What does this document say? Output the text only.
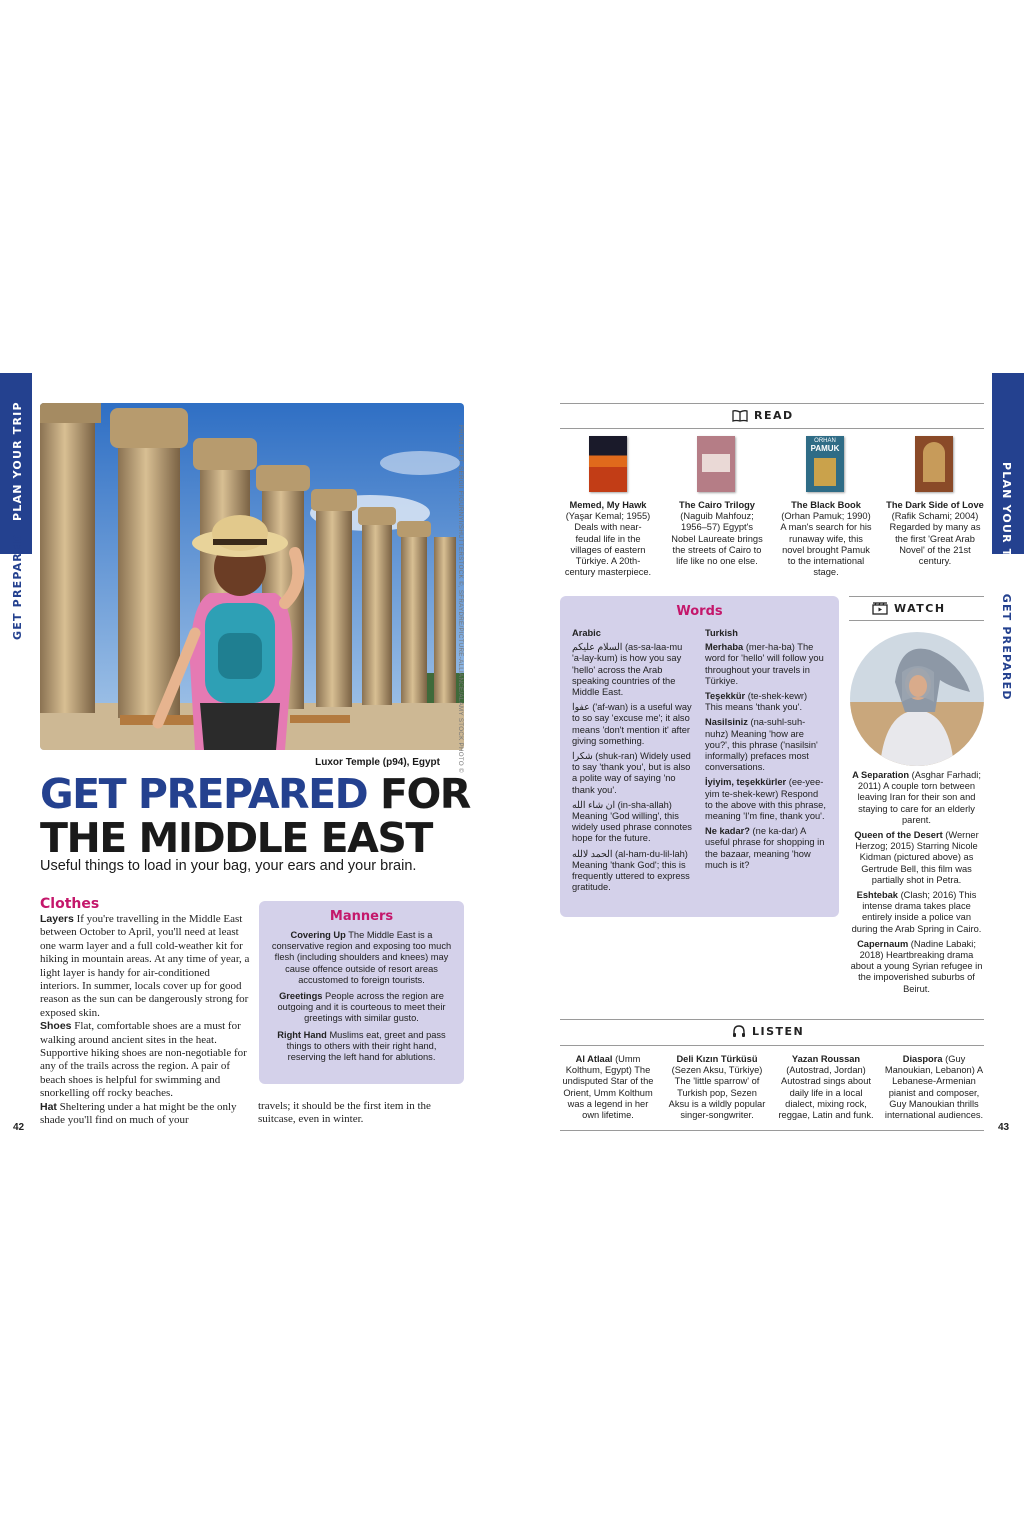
GET PREPAREDPLAN YOUR TRIP
PLAN YOUR TRIPGET PREPARED
FROM LEFT: SERGII FIGURNYI/SHUTTERSTOCK ©, SFRAYDRE/PICTURE-ALLIANCE/ALAMY STOCK PHOTO ©
Luxor Temple (p94), Egypt
GET PREPARED FOR
THE MIDDLE EAST
Useful things to load in your bag, your ears and your brain.
Clothes

Layers If you're travelling in the Middle East between October to April, you'll need at least one warm layer and a full cold-weather kit for hiking in mountain areas. At any time of year, a light layer is handy for air-conditioned interiors. In summer, locals cover up for good reason as the sun can be dangerously strong for exposed skin.

Shoes Flat, comfortable shoes are a must for walking around ancient sites in the heat. Supportive hiking shoes are non-negotiable for any of the trails across the region. A pair of beach shoes is helpful for swimming and snorkelling off rocky beaches.

Hat Sheltering under a hat might be the only shade you'll find on much of your

travels; it should be the first item in the suitcase, even in winter.
Manners

Covering Up The Middle East is a conservative region and exposing too much flesh (including shoulders and knees) may cause offence outside of resort areas accustomed to foreign tourists.

Greetings People across the region are outgoing and it is courteous to meet their greetings with similar gusto.

Right Hand Muslims eat, greet and pass things to others with their right hand, reserving the left hand for ablutions.

42	43
READ
ORHAN
PAMUK
Memed, My Hawk
(Yaşar Kemal; 1955) Deals with near-feudal life in the villages of eastern Türkiye. A 20th-century masterpiece.
The Cairo Trilogy
(Naguib Mahfouz; 1956–57) Egypt's Nobel Laureate brings the streets of Cairo to life like no one else.
The Black Book
(Orhan Pamuk; 1990) A man's search for his runaway wife, this novel brought Pamuk to the international stage.
The Dark Side of Love (Rafik Schami; 2004) Regarded by many as the first 'Great Arab Novel' of the 21st century.
Words

Arabic

السلام عليكم (as-sa-laa-mu 'a-lay-kum) is how you say 'hello' across the Arab speaking countries of the Middle East.

عفوا ('af-wan) is a useful way to so say 'excuse me'; it also means 'don't mention it' after giving something.

شكرا (shuk-ran) Widely used to say 'thank you', but is also a polite way of saying 'no thank you'.

ان شاء الله (in-sha-allah) Meaning 'God willing', this widely used phrase connotes hope for the future.

الحمد لالله (al-ham-du-lil-lah) Meaning 'thank God'; this is frequently uttered to express gratitude.

Turkish

Merhaba (mer-ha-ba) The word for 'hello' will follow you throughout your travels in Türkiye.

Teşekkür (te-shek-kewr) This means 'thank you'.

Nasilsiniz (na-suhl-suh-nuhz) Meaning 'how are you?', this phrase ('nasilsin' informally) prefaces most conversations.

İyiyim, teşekkürler (ee-yee-yim te-shek-kewr) Respond to the above with this phrase, meaning 'I'm fine, thank you'.

Ne kadar? (ne ka-dar) A useful phrase for shopping in the bazaar, meaning 'how much is it?

WATCH

A Separation (Asghar Farhadi; 2011) A couple torn between leaving Iran for their son and staying to care for an elderly parent.

Queen of the Desert (Werner Herzog; 2015) Starring Nicole Kidman (pictured above) as Gertrude Bell, this film was partially shot in Petra.

Eshtebak (Clash; 2016) This intense drama takes place entirely inside a police van during the Arab Spring in Cairo.

Capernaum (Nadine Labaki; 2018) Heartbreaking drama about a young Syrian refugee in the impoverished suburbs of Beirut.

LISTEN
Al Atlaal (Umm Kolthum, Egypt) The undisputed Star of the Orient, Umm Kolthum was a legend in her own lifetime.
Deli Kızın Türküsü
(Sezen Aksu, Türkiye) The 'little sparrow' of Turkish pop, Sezen Aksu is a wildly popular singer-songwriter.
Yazan Roussan
(Autostrad, Jordan) Autostrad sings about daily life in a local dialect, mixing rock, reggae, Latin and funk.
Diaspora (Guy Manoukian, Lebanon) A Lebanese-Armenian pianist and composer, Guy Manoukian thrills international audiences.
